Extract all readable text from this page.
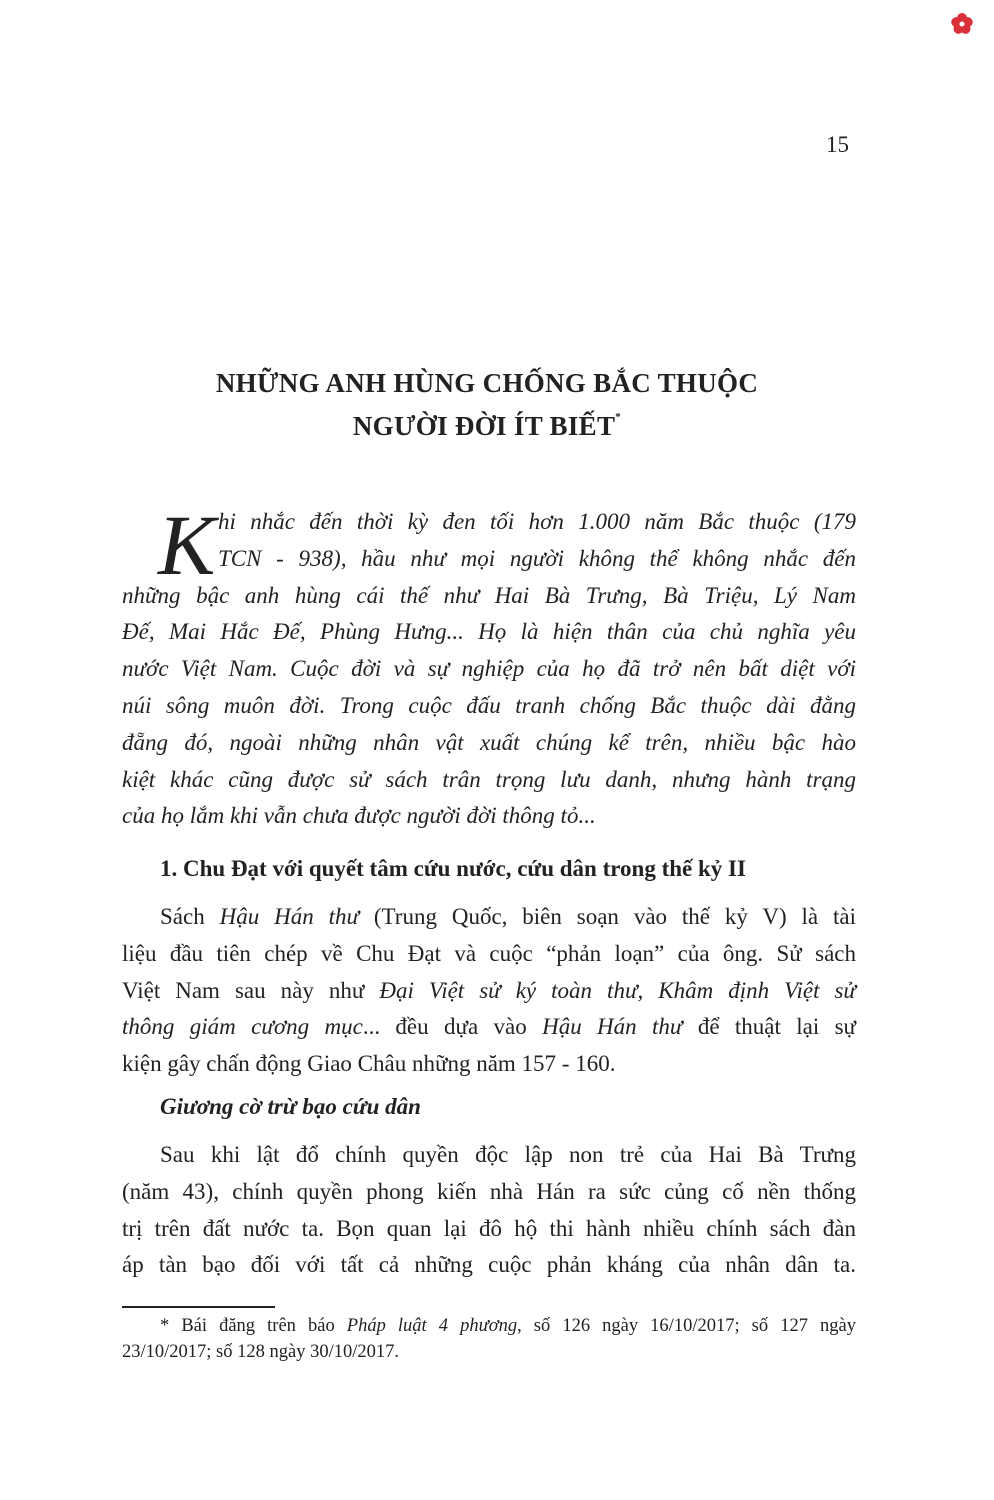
15
NHỮNG ANH HÙNG CHỐNG BẮC THUỘC
NGƯỜI ĐỜI ÍT BIẾT*
K hi nhắc đến thời kỳ đen tối hơn 1.000 năm Bắc thuộc (179
TCN - 938), hầu như mọi người không thể không nhắc đến
những bậc anh hùng cái thế như Hai Bà Trưng, Bà Triệu, Lý Nam
Đế, Mai Hắc Đế, Phùng Hưng... Họ là hiện thân của chủ nghĩa yêu
nước Việt Nam. Cuộc đời và sự nghiệp của họ đã trở nên bất diệt với
núi sông muôn đời. Trong cuộc đấu tranh chống Bắc thuộc dài đằng
đẵng đó, ngoài những nhân vật xuất chúng kể trên, nhiều bậc hào
kiệt khác cũng được sử sách trân trọng lưu danh, nhưng hành trạng
của họ lắm khi vẫn chưa được người đời thông tỏ...
1. Chu Đạt với quyết tâm cứu nước, cứu dân trong thế kỷ II
Sách Hậu Hán thư (Trung Quốc, biên soạn vào thế kỷ V) là tài
liệu đầu tiên chép về Chu Đạt và cuộc “phản loạn” của ông. Sử sách
Việt Nam sau này như Đại Việt sử ký toàn thư, Khâm định Việt sử
thông giám cương mục... đều dựa vào Hậu Hán thư để thuật lại sự
kiện gây chấn động Giao Châu những năm 157 - 160.
Giương cờ trừ bạo cứu dân
Sau khi lật đổ chính quyền độc lập non trẻ của Hai Bà Trưng
(năm 43), chính quyền phong kiến nhà Hán ra sức củng cố nền thống
trị trên đất nước ta. Bọn quan lại đô hộ thi hành nhiều chính sách đàn
áp tàn bạo đối với tất cả những cuộc phản kháng của nhân dân ta.
* Bái đăng trên báo Pháp luật 4 phương, số 126 ngày 16/10/2017; số 127 ngày
23/10/2017; số 128 ngày 30/10/2017.
